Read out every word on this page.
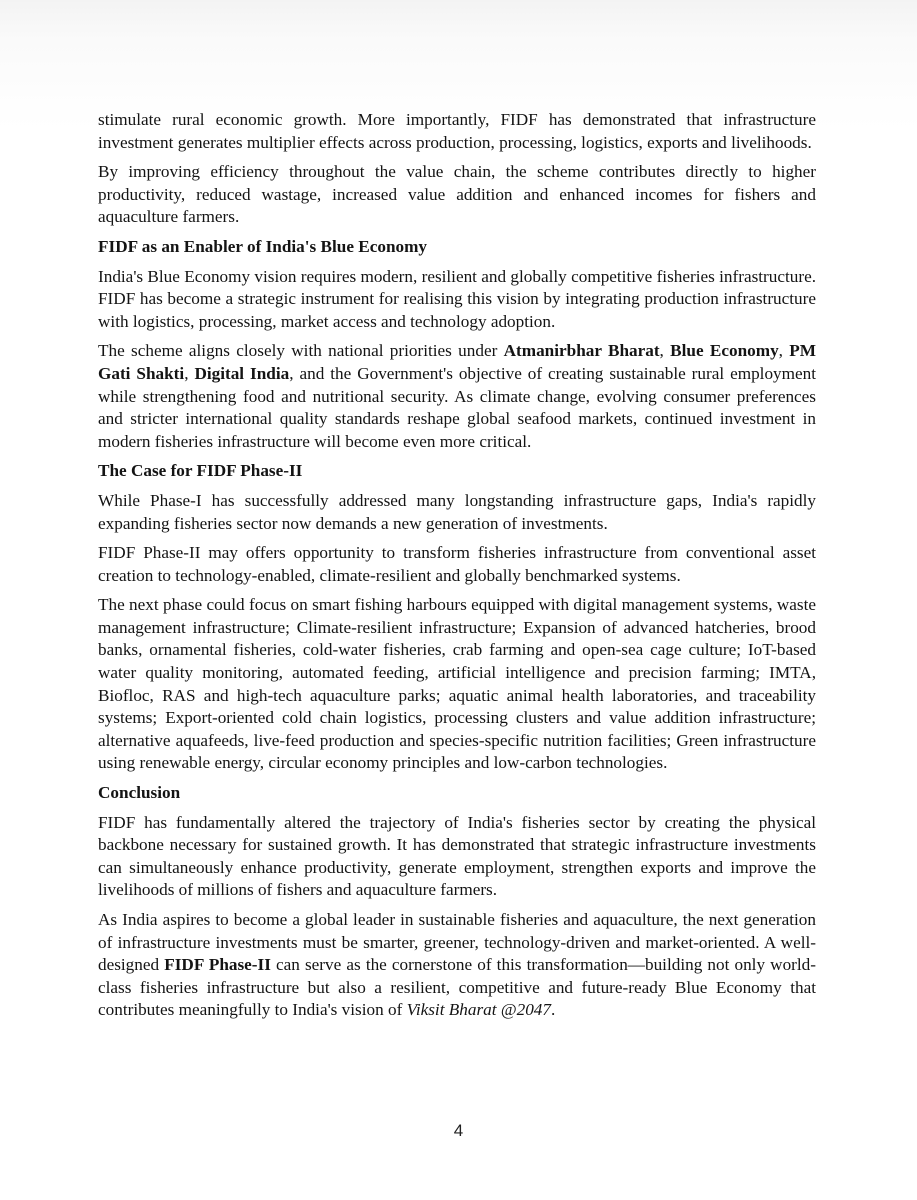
stimulate rural economic growth. More importantly, FIDF has demonstrated that infrastructure investment generates multiplier effects across production, processing, logistics, exports and livelihoods.

By improving efficiency throughout the value chain, the scheme contributes directly to higher productivity, reduced wastage, increased value addition and enhanced incomes for fishers and aquaculture farmers.

FIDF as an Enabler of India's Blue Economy

India's Blue Economy vision requires modern, resilient and globally competitive fisheries infrastructure. FIDF has become a strategic instrument for realising this vision by integrating production infrastructure with logistics, processing, market access and technology adoption.

The scheme aligns closely with national priorities under Atmanirbhar Bharat, Blue Economy, PM Gati Shakti, Digital India, and the Government's objective of creating sustainable rural employment while strengthening food and nutritional security. As climate change, evolving consumer preferences and stricter international quality standards reshape global seafood markets, continued investment in modern fisheries infrastructure will become even more critical.

The Case for FIDF Phase-II

While Phase-I has successfully addressed many longstanding infrastructure gaps, India's rapidly expanding fisheries sector now demands a new generation of investments.

FIDF Phase-II may offers opportunity to transform fisheries infrastructure from conventional asset creation to technology-enabled, climate-resilient and globally benchmarked systems.

The next phase could focus on smart fishing harbours equipped with digital management systems, waste management infrastructure; Climate-resilient infrastructure; Expansion of advanced hatcheries, brood banks, ornamental fisheries, cold-water fisheries, crab farming and open-sea cage culture; IoT-based water quality monitoring, automated feeding, artificial intelligence and precision farming; IMTA, Biofloc, RAS and high-tech aquaculture parks; aquatic animal health laboratories, and traceability systems; Export-oriented cold chain logistics, processing clusters and value addition infrastructure; alternative aquafeeds, live-feed production and species-specific nutrition facilities; Green infrastructure using renewable energy, circular economy principles and low-carbon technologies.

Conclusion

FIDF has fundamentally altered the trajectory of India's fisheries sector by creating the physical backbone necessary for sustained growth. It has demonstrated that strategic infrastructure investments can simultaneously enhance productivity, generate employment, strengthen exports and improve the livelihoods of millions of fishers and aquaculture farmers.

As India aspires to become a global leader in sustainable fisheries and aquaculture, the next generation of infrastructure investments must be smarter, greener, technology-driven and market-oriented. A well-designed FIDF Phase-II can serve as the cornerstone of this transformation—building not only world-class fisheries infrastructure but also a resilient, competitive and future-ready Blue Economy that contributes meaningfully to India's vision of Viksit Bharat @2047.

4
